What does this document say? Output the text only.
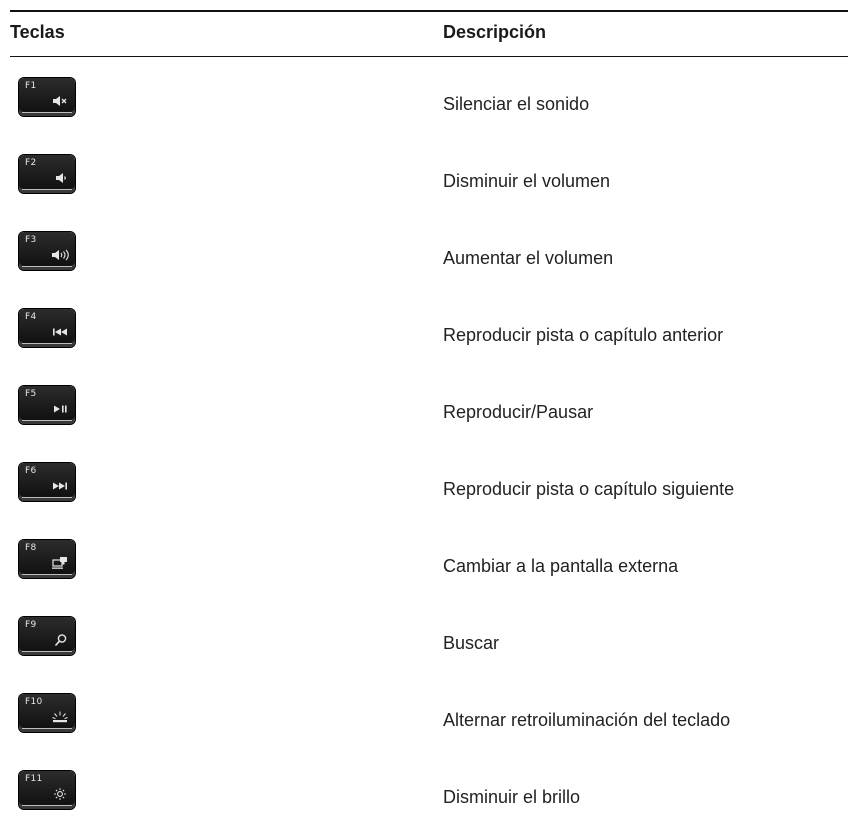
Teclas	Descripción
F1
Silenciar el sonido
F2
Disminuir el volumen
F3
Aumentar el volumen
F4
Reproducir pista o capítulo anterior
F5
Reproducir/Pausar
F6
Reproducir pista o capítulo siguiente
F8
Cambiar a la pantalla externa
F9
Buscar
F10
Alternar retroiluminación del teclado
F11
Disminuir el brillo
